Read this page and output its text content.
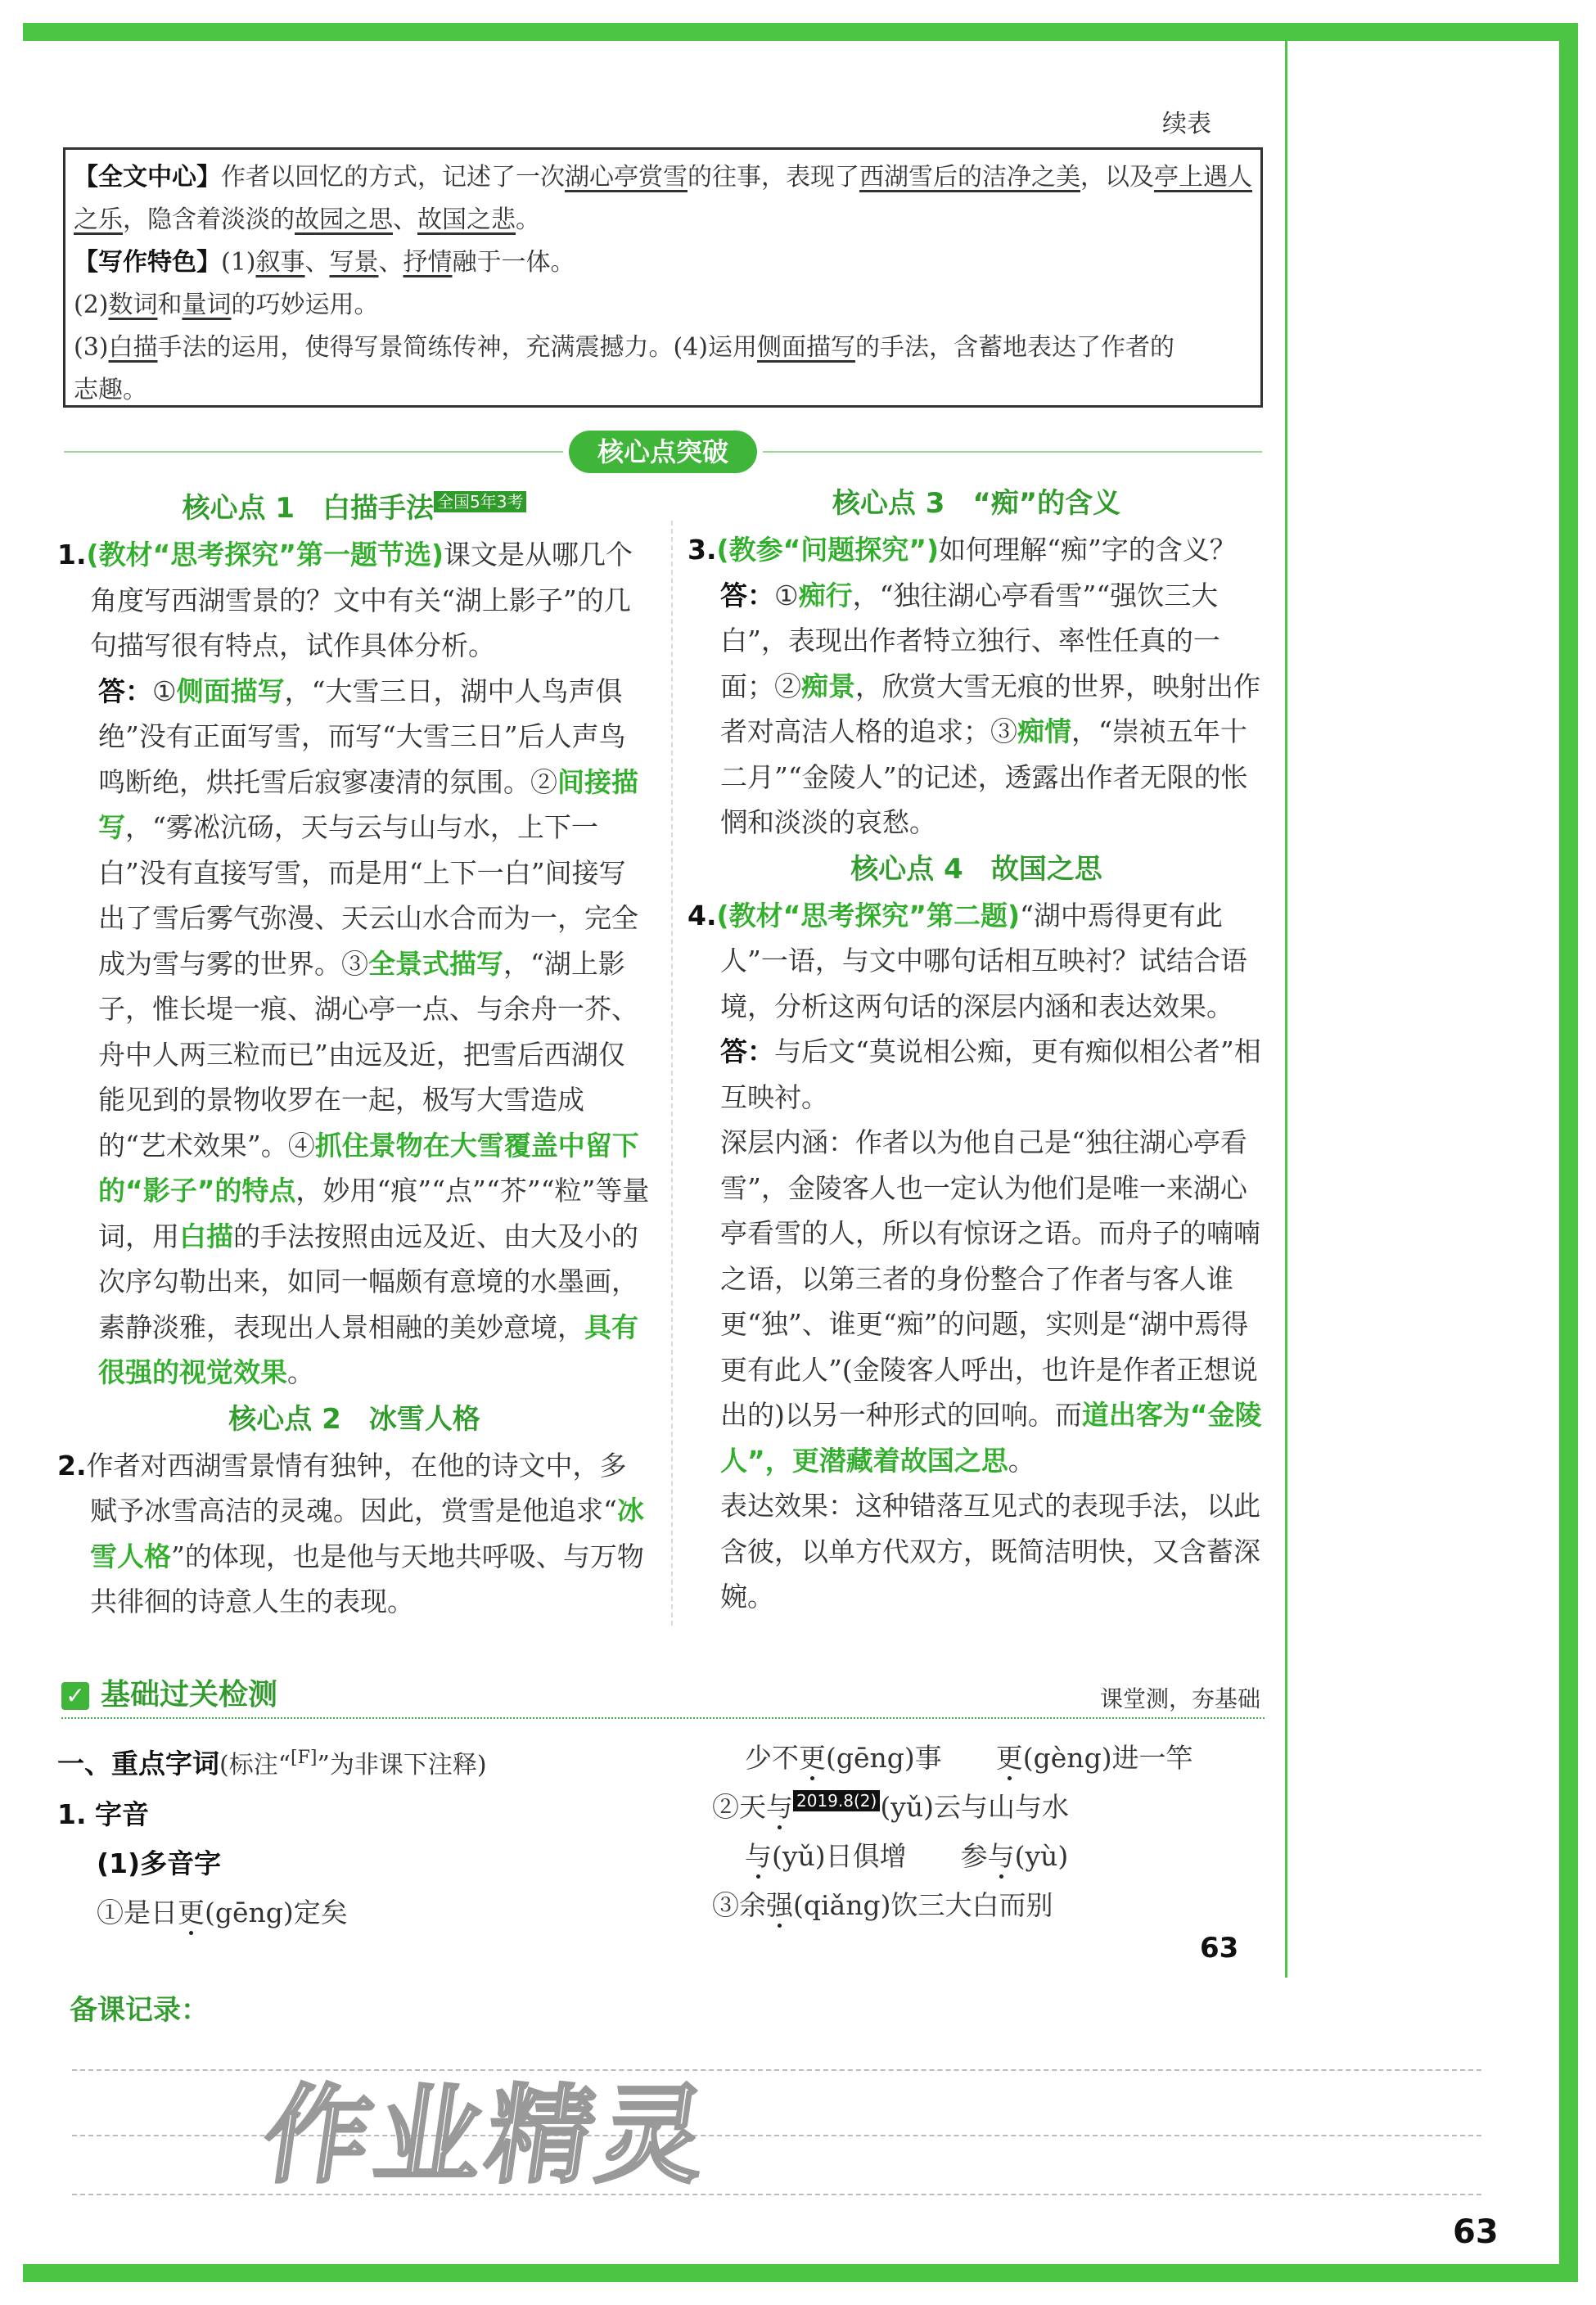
续表
【全文中心】作者以回忆的方式，记述了一次湖心亭赏雪的往事，表现了西湖雪后的洁净之美，以及亭上遇人
之乐，隐含着淡淡的故园之思、故国之悲。
【写作特色】(1)叙事、写景、抒情融于一体。
(2)数词和量词的巧妙运用。
(3)白描手法的运用，使得写景简练传神，充满震撼力。(4)运用侧面描写的手法，含蓄地表达了作者的
志趣。
核心点突破
核心点 1　白描手法 全国5年3考

1.(教材“思考探究”第一题节选)课文是从哪几个角度写西湖雪景的？文中有关“湖上影子”的几句描写很有特点，试作具体分析。

答：①侧面描写，“大雪三日，湖中人鸟声俱绝”没有正面写雪，而写“大雪三日”后人声鸟鸣断绝，烘托雪后寂寥凄清的氛围。②间接描写，“雾凇沆砀，天与云与山与水，上下一白”没有直接写雪，而是用“上下一白”间接写出了雪后雾气弥漫、天云山水合而为一，完全成为雪与雾的世界。③全景式描写，“湖上影子，惟长堤一痕、湖心亭一点、与余舟一芥、舟中人两三粒而已”由远及近，把雪后西湖仅能见到的景物收罗在一起，极写大雪造成的“艺术效果”。④抓住景物在大雪覆盖中留下的“影子”的特点，妙用“痕”“点”“芥”“粒”等量词，用白描的手法按照由远及近、由大及小的次序勾勒出来，如同一幅颇有意境的水墨画，素静淡雅，表现出人景相融的美妙意境，具有很强的视觉效果。

核心点 2　冰雪人格

2.作者对西湖雪景情有独钟，在他的诗文中，多赋予冰雪高洁的灵魂。因此，赏雪是他追求“冰雪人格”的体现，也是他与天地共呼吸、与万物共徘徊的诗意人生的表现。

核心点 3　“痴”的含义

3.(教参“问题探究”)如何理解“痴”字的含义？

答：①痴行，“独往湖心亭看雪”“强饮三大白”，表现出作者特立独行、率性任真的一面；②痴景，欣赏大雪无痕的世界，映射出作者对高洁人格的追求；③痴情，“崇祯五年十二月”“金陵人”的记述，透露出作者无限的怅惘和淡淡的哀愁。

核心点 4　故国之思

4.(教材“思考探究”第二题)“湖中焉得更有此人”一语，与文中哪句话相互映衬？试结合语境，分析这两句话的深层内涵和表达效果。

答：与后文“莫说相公痴，更有痴似相公者”相互映衬。

深层内涵：作者以为他自己是“独往湖心亭看雪”，金陵客人也一定认为他们是唯一来湖心亭看雪的人，所以有惊讶之语。而舟子的喃喃之语，以第三者的身份整合了作者与客人谁更“独”、谁更“痴”的问题，实则是“湖中焉得更有此人”(金陵客人呼出，也许是作者正想说出的)以另一种形式的回响。而道出客为“金陵人”，更潜藏着故国之思。

表达效果：这种错落互见式的表现手法，以此含彼，以单方代双方，既简洁明快，又含蓄深婉。

✓ 基础过关检测	课堂测，夯基础

一、重点字词(标注“[F]”为非课下注释)

1. 字音

(1)多音字

①是日更(gēng)定矣

少不更(gēng)事　　 更(gèng)进一竿

②天与 2019.8(2) (yǔ)云与山与水

与(yǔ)日俱增　　 参与(yù)

③余强(qiǎng)饮三大白而别

63
备课记录：
作业精灵
63
